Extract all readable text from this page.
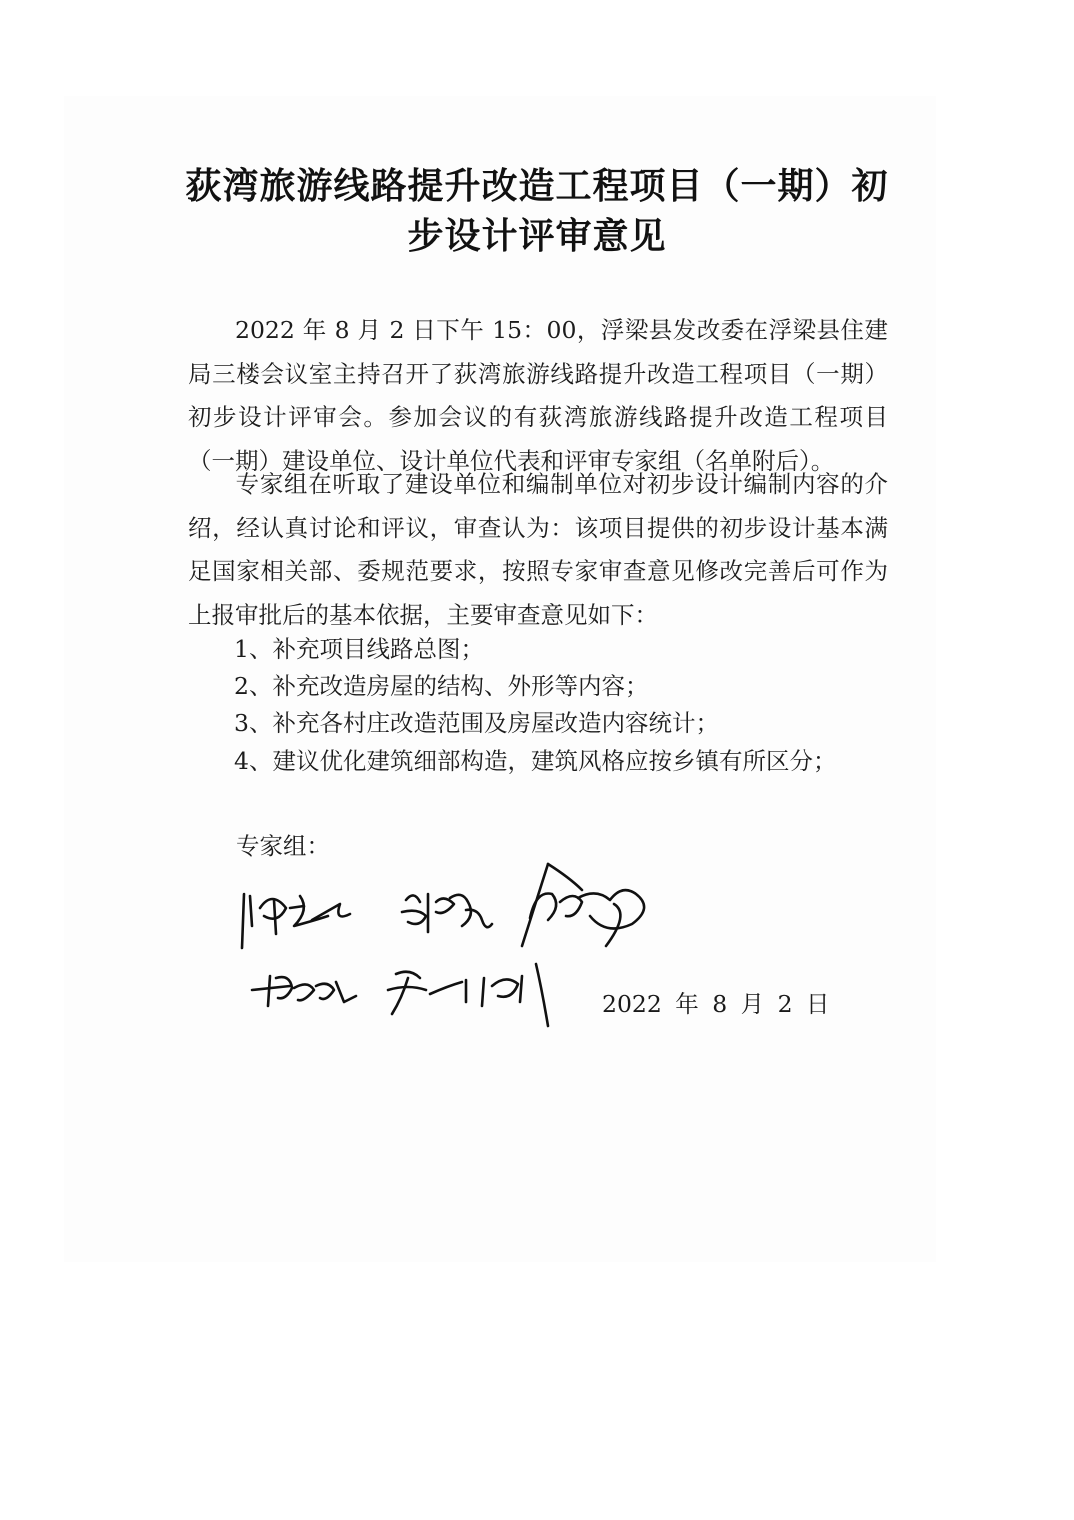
荻湾旅游线路提升改造工程项目（一期）初
步设计评审意见

2022 年 8 月 2 日下午 15：00，浮梁县发改委在浮梁县住建局三楼会议室主持召开了荻湾旅游线路提升改造工程项目（一期）初步设计评审会。参加会议的有荻湾旅游线路提升改造工程项目（一期）建设单位、设计单位代表和评审专家组（名单附后）。

专家组在听取了建设单位和编制单位对初步设计编制内容的介绍，经认真讨论和评议，审查认为：该项目提供的初步设计基本满足国家相关部、委规范要求，按照专家审查意见修改完善后可作为上报审批后的基本依据，主要审查意见如下：

1、补充项目线路总图；

2、补充改造房屋的结构、外形等内容；

3、补充各村庄改造范围及房屋改造内容统计；

4、建议优化建筑细部构造，建筑风格应按乡镇有所区分；

专家组：

2022 年 8 月 2 日
